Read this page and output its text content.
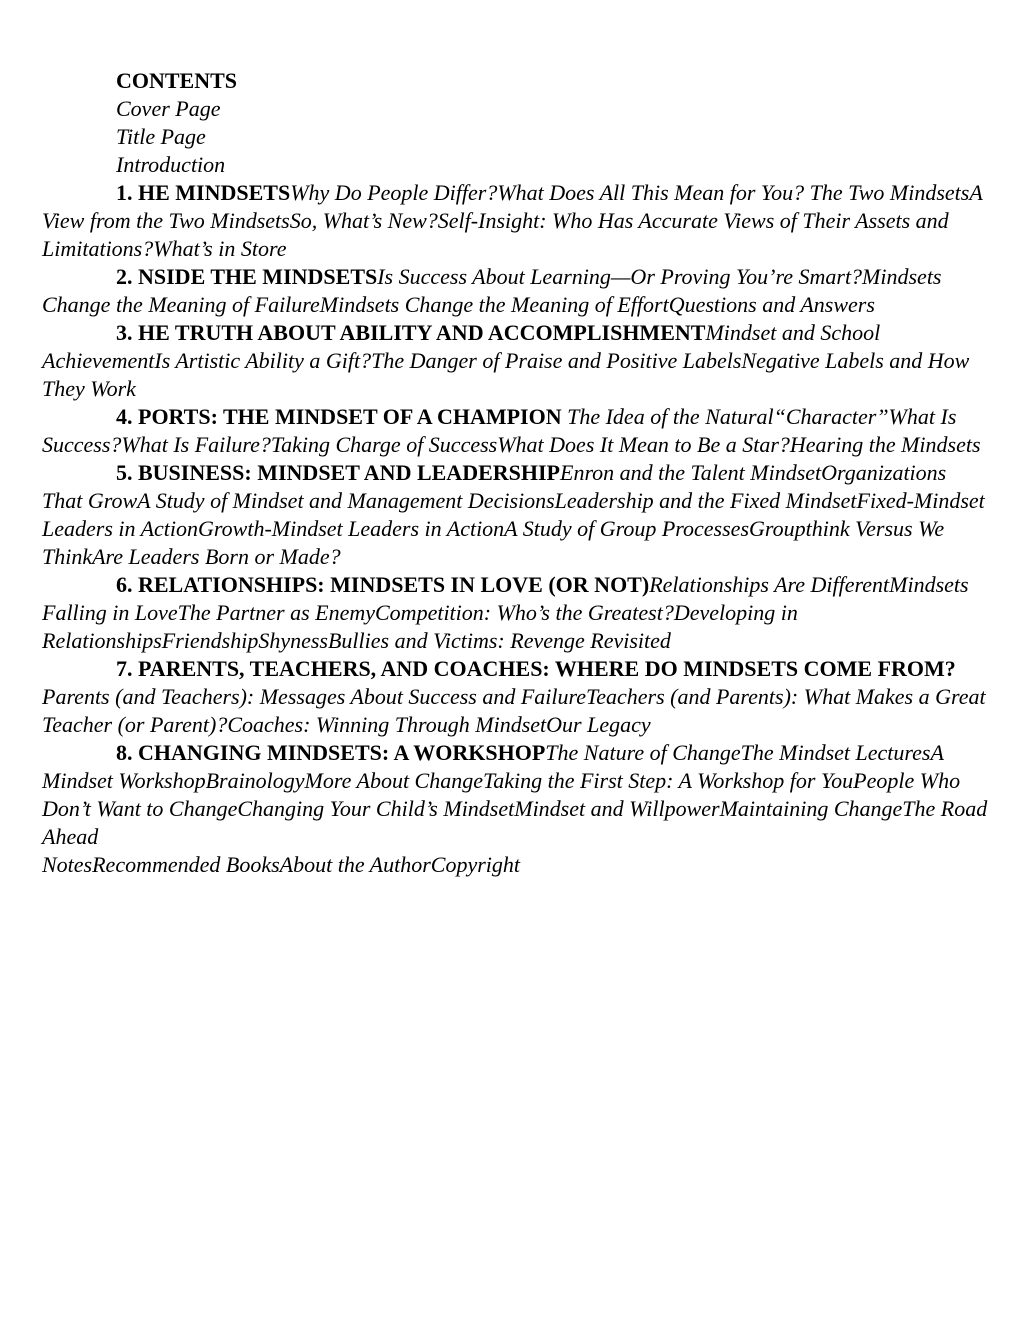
CONTENTS

Cover Page

Title Page

Introduction

1. HE MINDSETSWhy Do People Differ?What Does All This Mean for You? The Two MindsetsA View from the Two MindsetsSo, What’s New?Self-Insight: Who Has Accurate Views of Their Assets and Limitations?What’s in Store

2. NSIDE THE MINDSETSIs Success About Learning—Or Proving You’re Smart?Mindsets Change the Meaning of FailureMindsets Change the Meaning of EffortQuestions and Answers

3. HE TRUTH ABOUT ABILITY AND ACCOMPLISHMENTMindset and School AchievementIs Artistic Ability a Gift?The Danger of Praise and Positive LabelsNegative Labels and How They Work

4. PORTS: THE MINDSET OF A CHAMPION The Idea of the Natural“Character”What Is Success?What Is Failure?Taking Charge of SuccessWhat Does It Mean to Be a Star?Hearing the Mindsets

5. BUSINESS: MINDSET AND LEADERSHIPEnron and the Talent MindsetOrganizations That GrowA Study of Mindset and Management DecisionsLeadership and the Fixed MindsetFixed-Mindset Leaders in ActionGrowth-Mindset Leaders in ActionA Study of Group ProcessesGroupthink Versus We ThinkAre Leaders Born or Made?

6. RELATIONSHIPS: MINDSETS IN LOVE (OR NOT)Relationships Are DifferentMindsets Falling in LoveThe Partner as EnemyCompetition: Who’s the Greatest?Developing in RelationshipsFriendshipShynessBullies and Victims: Revenge Revisited

7. PARENTS, TEACHERS, AND COACHES: WHERE DO MINDSETS COME FROM?Parents (and Teachers): Messages About Success and FailureTeachers (and Parents): What Makes a Great Teacher (or Parent)?Coaches: Winning Through MindsetOur Legacy

8. CHANGING MINDSETS: A WORKSHOPThe Nature of ChangeThe Mindset LecturesA Mindset WorkshopBrainologyMore About ChangeTaking the First Step: A Workshop for YouPeople Who Don’t Want to ChangeChanging Your Child’s MindsetMindset and WillpowerMaintaining ChangeThe Road Ahead

NotesRecommended BooksAbout the AuthorCopyright
